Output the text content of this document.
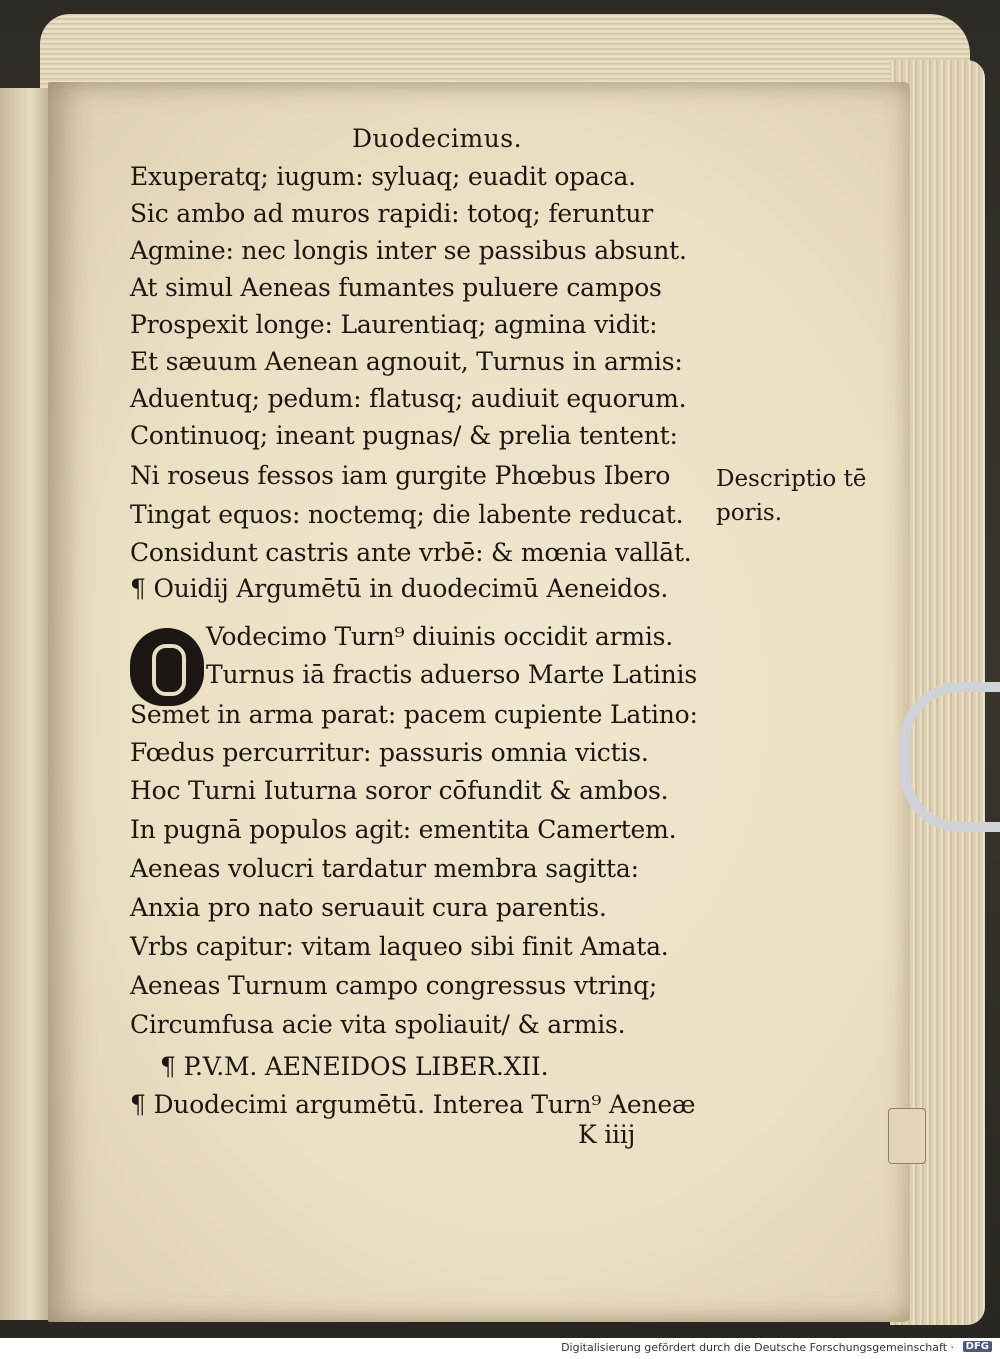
Duodecimus.
Exuperatq; iugum: syluaq; euadit opaca.
Sic ambo ad muros rapidi: totoq; feruntur
Agmine: nec longis inter se passibus absunt.
At simul Aeneas fumantes puluere campos
Prospexit longe: Laurentiaq; agmina vidit:
Et sæuum Aenean agnouit, Turnus in armis:
Aduentuq; pedum: flatusq; audiuit equorum.
Continuoq; ineant pugnas/ & prelia tentent:
Ni roseus fessos iam gurgite Phœbus Ibero
Tingat equos: noctemq; die labente reducat.
Considunt castris ante vrbē: & mœnia vallāt.
¶ Ouidij Argumētū in duodecimū Aeneidos.
Vodecimo Turn⁹ diuinis occidit armis.
Turnus iā fractis aduerso Marte Latinis
Semet in arma parat: pacem cupiente Latino:
Fœdus percurritur: passuris omnia victis.
Hoc Turni Iuturna soror cōfundit & ambos.
In pugnā populos agit: ementita Camertem.
Aeneas volucri tardatur membra sagitta:
Anxia pro nato seruauit cura parentis.
Vrbs capitur: vitam laqueo sibi finit Amata.
Aeneas Turnum campo congressus vtrinq;
Circumfusa acie vita spoliauit/ & armis.
¶ P.V.M. AENEIDOS LIBER.XII.
¶ Duodecimi argumētū. Interea Turn⁹ Aeneæ
Descriptio tē
poris.
K iiij
Digitalisierung gefördert durch die Deutsche Forschungsgemeinschaft ·	DFG
